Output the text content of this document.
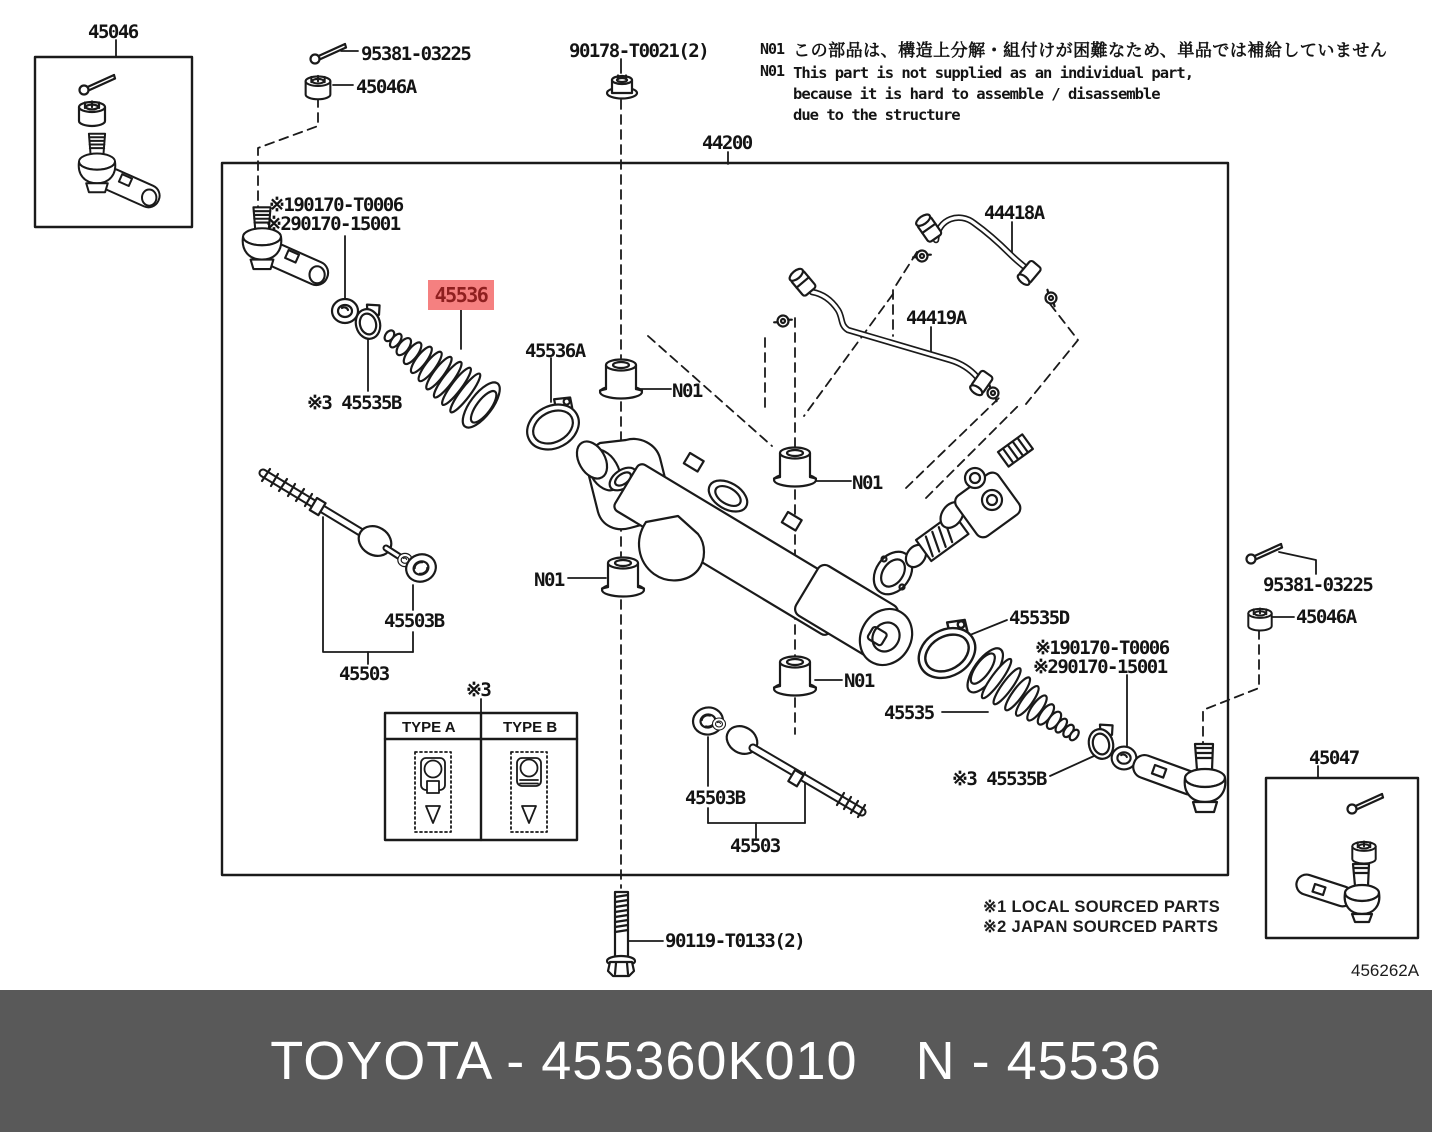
45046
95381-03225
45046A
90178-T0021(2)
44200
N01 この部品は、構造上分解・組付けが困難なため、単品では補給していません
N01 This part is not supplied as an individual part,
because it is hard to assemble / disassemble
due to the structure
※190170-T0006
※290170-15001
45536
45536A
※3 45535B
44418A
44419A
N01
N01
N01
N01
45503B
45503
※3
TYPE A	TYPE B
45535D
※190170-T0006
※290170-15001
45535
※3 45535B
45503B
45503
95381-03225
45046A
45047
90119-T0133(2)
※1 LOCAL SOURCED PARTS
※2 JAPAN SOURCED PARTS
456262A
TOYOTA - 455360K010 N - 45536
